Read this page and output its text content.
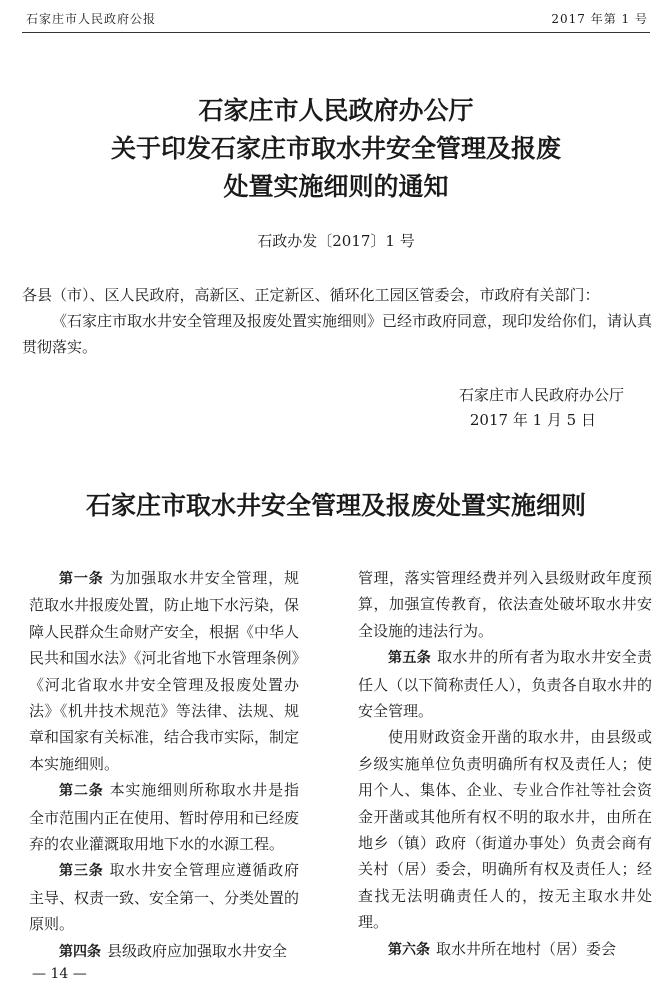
石家庄市人民政府公报	2017 年第 1 号
石家庄市人民政府办公厅
关于印发石家庄市取水井安全管理及报废
处置实施细则的通知
石政办发〔2017〕1 号
各县（市）、区人民政府，高新区、正定新区、循环化工园区管委会，市政府有关部门：
《石家庄市取水井安全管理及报废处置实施细则》已经市政府同意，现印发给你们，请认真贯彻落实。
石家庄市人民政府办公厅
2017 年 1 月 5 日
石家庄市取水井安全管理及报废处置实施细则

第一条 为加强取水井安全管理，规范取水井报废处置，防止地下水污染，保障人民群众生命财产安全，根据《中华人民共和国水法》《河北省地下水管理条例》《河北省取水井安全管理及报废处置办法》《机井技术规范》等法律、法规、规章和国家有关标准，结合我市实际，制定本实施细则。

第二条 本实施细则所称取水井是指全市范围内正在使用、暂时停用和已经废弃的农业灌溉取用地下水的水源工程。

第三条 取水井安全管理应遵循政府主导、权责一致、安全第一、分类处置的原则。

第四条 县级政府应加强取水井安全

管理，落实管理经费并列入县级财政年度预算，加强宣传教育，依法查处破坏取水井安全设施的违法行为。

第五条 取水井的所有者为取水井安全责任人（以下简称责任人），负责各自取水井的安全管理。

使用财政资金开凿的取水井，由县级或乡级实施单位负责明确所有权及责任人；使用个人、集体、企业、专业合作社等社会资金开凿或其他所有权不明的取水井，由所在地乡（镇）政府（街道办事处）负责会商有关村（居）委会，明确所有权及责任人；经查找无法明确责任人的，按无主取水井处理。

第六条 取水井所在地村（居）委会

— 14 —
